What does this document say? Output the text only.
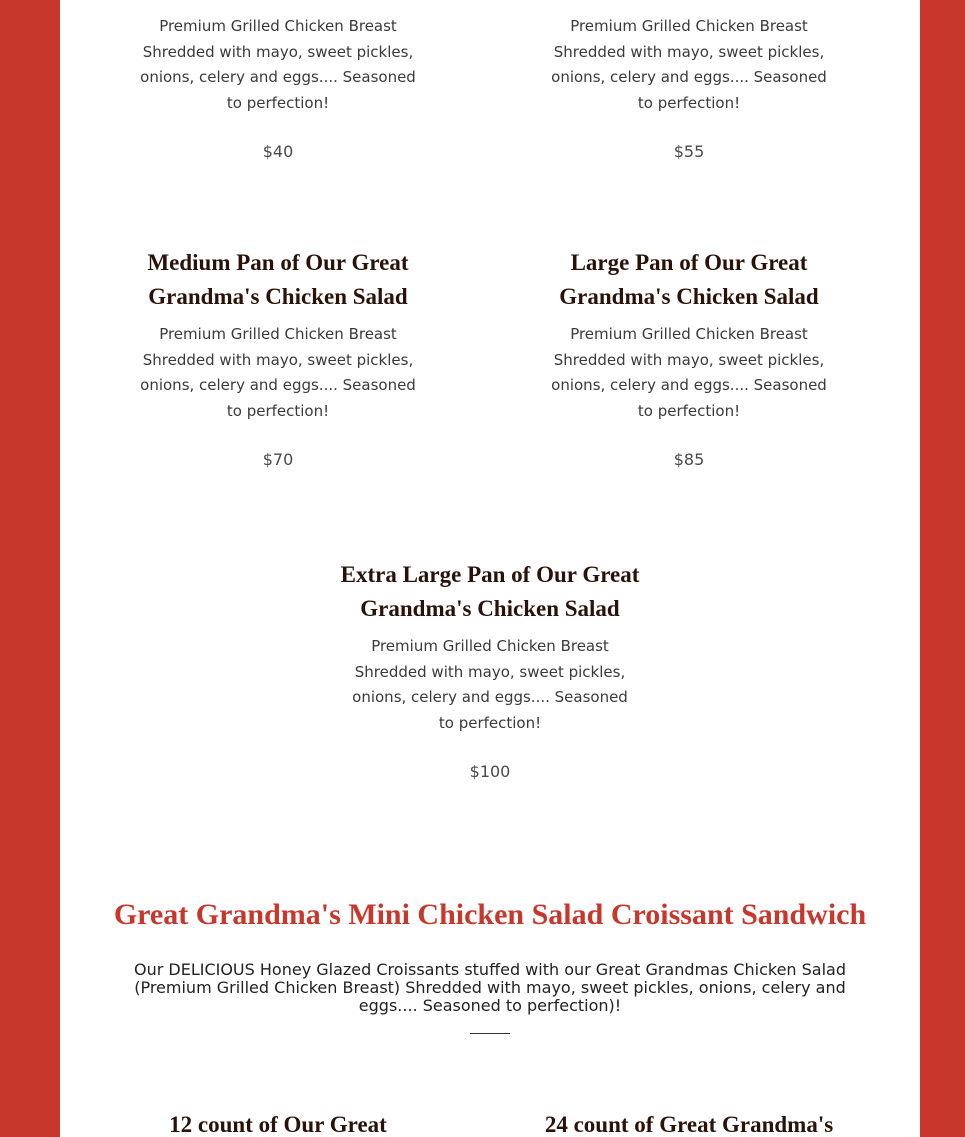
Premium Grilled Chicken Breast Shredded with mayo, sweet pickles, onions, celery and eggs.... Seasoned to perfection!

$40

Premium Grilled Chicken Breast Shredded with mayo, sweet pickles, onions, celery and eggs.... Seasoned to perfection!

$55
Medium Pan of Our Great Grandma's Chicken Salad

Premium Grilled Chicken Breast Shredded with mayo, sweet pickles, onions, celery and eggs.... Seasoned to perfection!

$70
Large Pan of Our Great Grandma's Chicken Salad

Premium Grilled Chicken Breast Shredded with mayo, sweet pickles, onions, celery and eggs.... Seasoned to perfection!

$85
Extra Large Pan of Our Great Grandma's Chicken Salad

Premium Grilled Chicken Breast Shredded with mayo, sweet pickles, onions, celery and eggs.... Seasoned to perfection!

$100
Great Grandma's Mini Chicken Salad Croissant Sandwich

Our DELICIOUS Honey Glazed Croissants stuffed with our Great Grandmas Chicken Salad (Premium Grilled Chicken Breast) Shredded with mayo, sweet pickles, onions, celery and eggs.... Seasoned to perfection)!

12 count of Our Great	24 count of Great Grandma's
